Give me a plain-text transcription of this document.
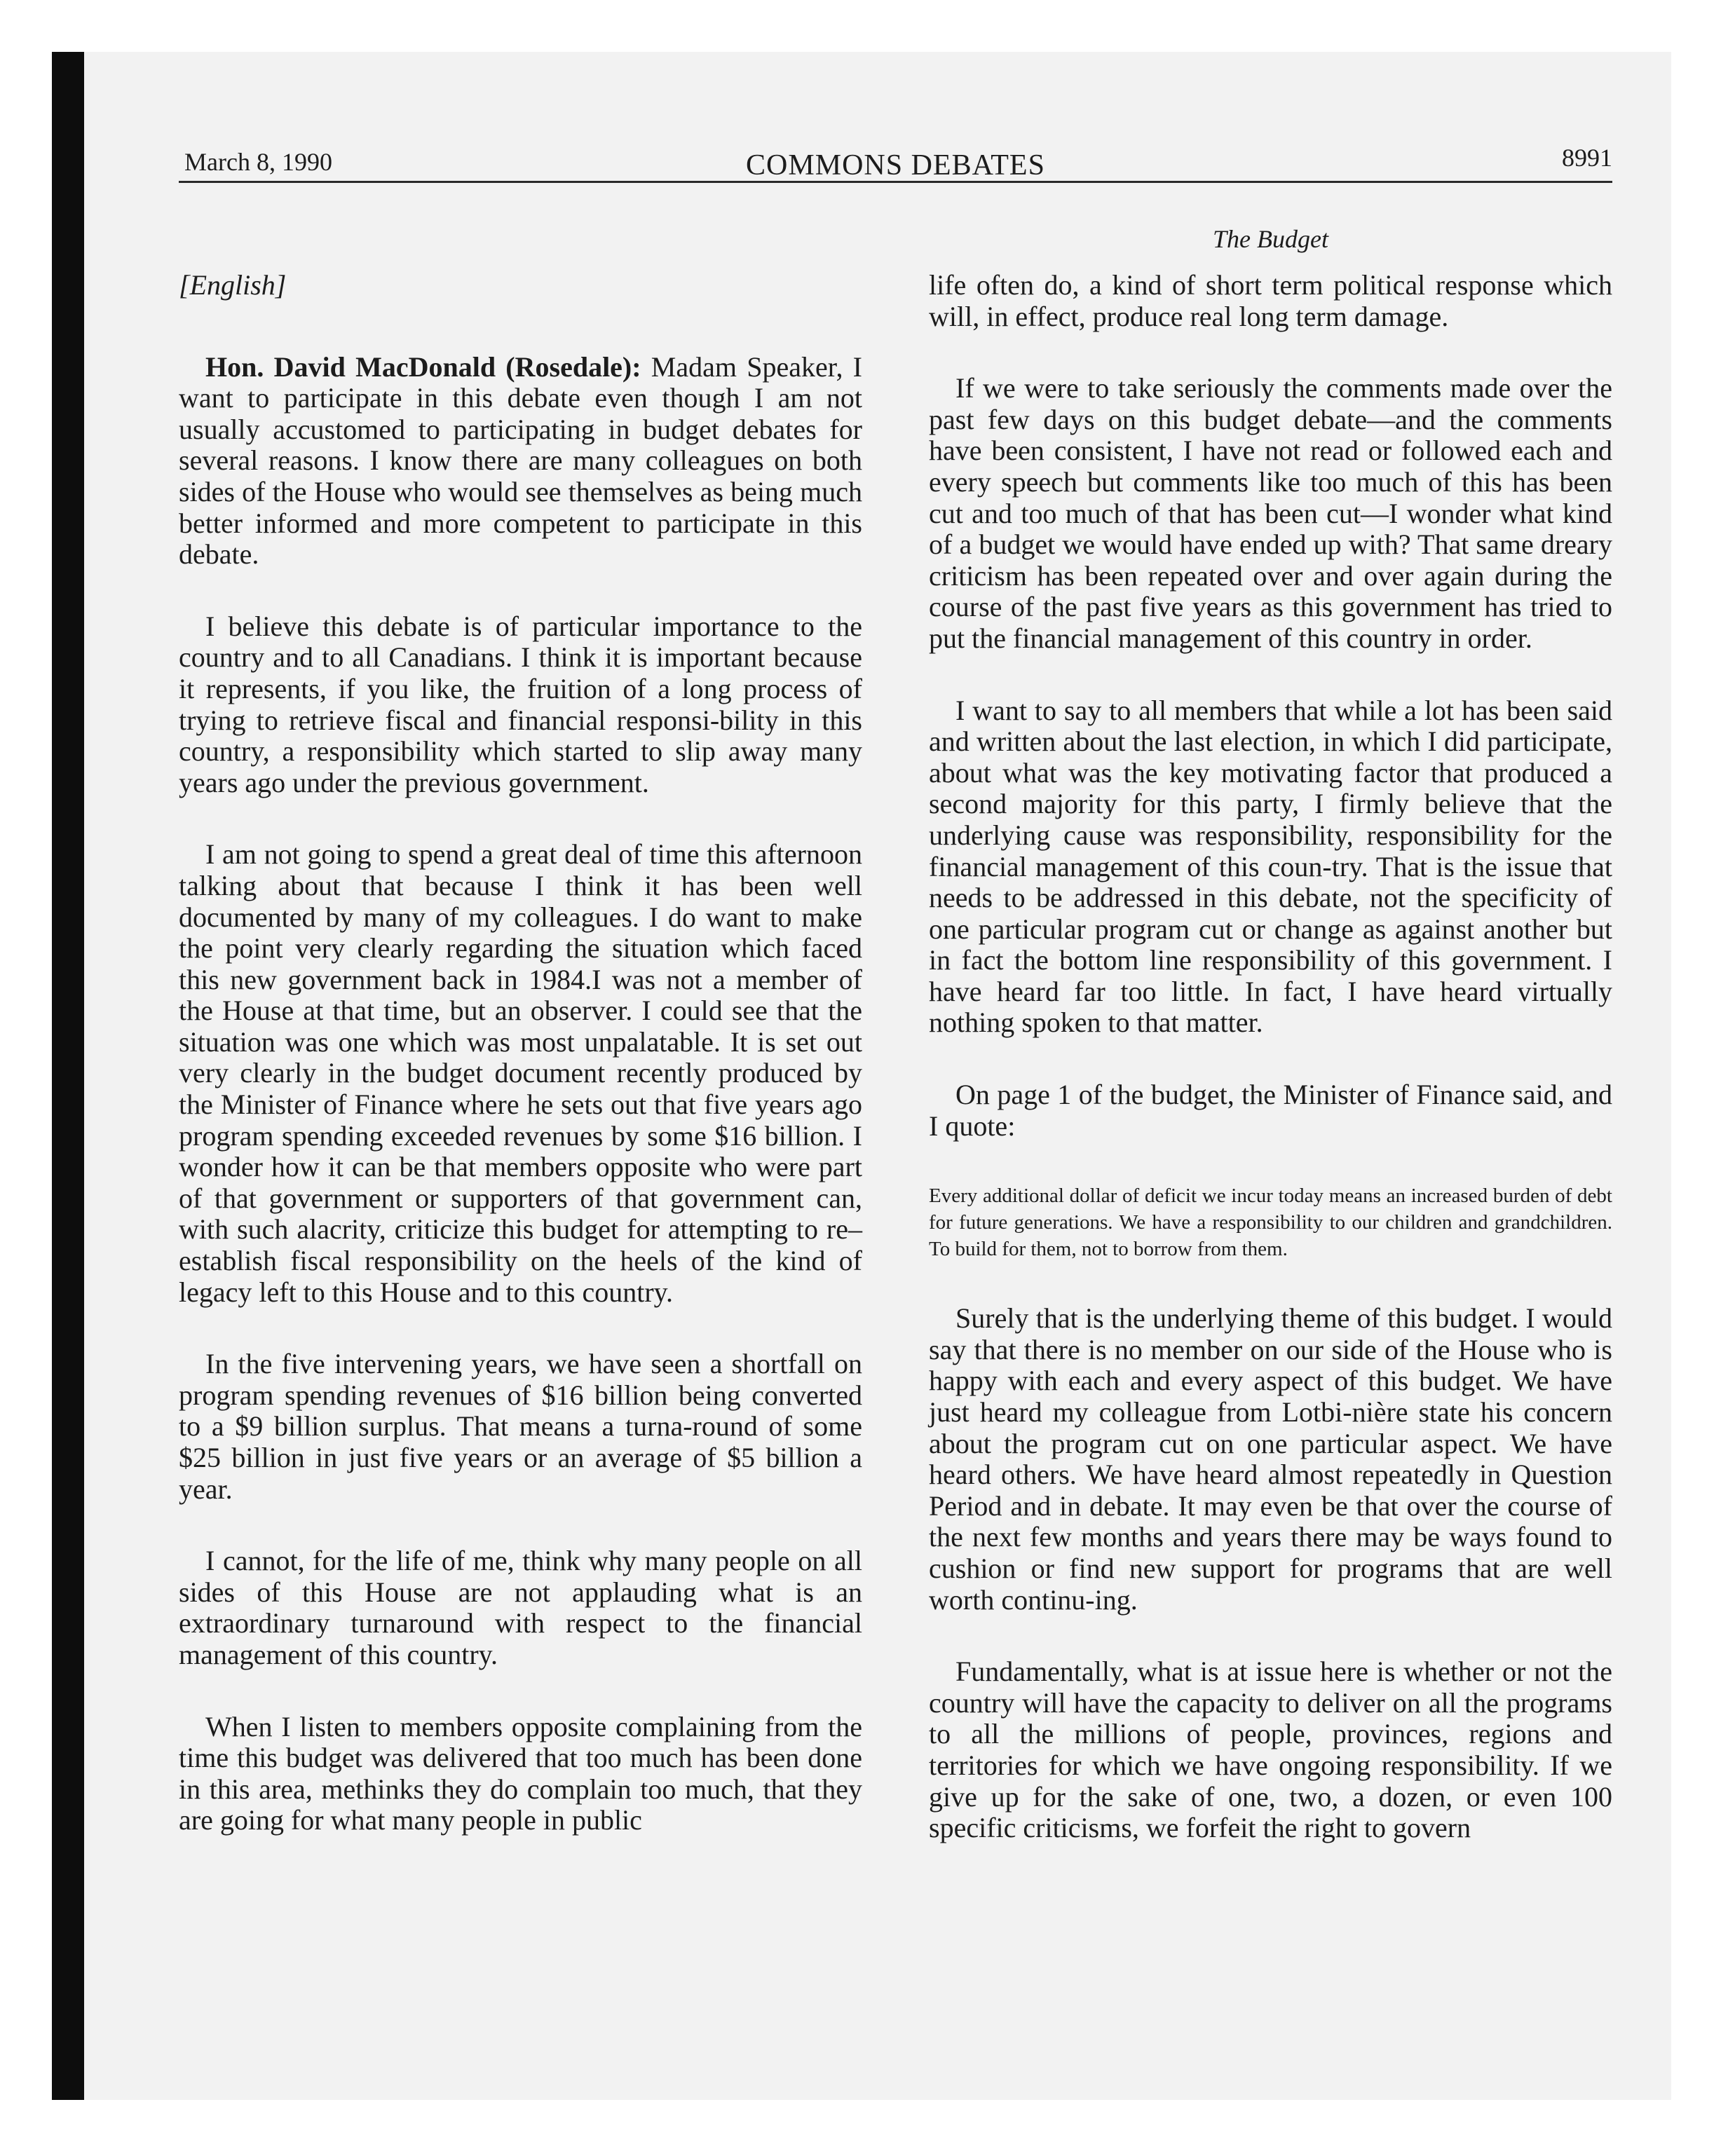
March 8, 1990	COMMONS DEBATES	8991
The Budget

[English]

Hon. David MacDonald (Rosedale): Madam Speaker, I want to participate in this debate even though I am not usually accustomed to participating in budget debates for several reasons. I know there are many colleagues on both sides of the House who would see themselves as being much better informed and more competent to participate in this debate.

I believe this debate is of particular importance to the country and to all Canadians. I think it is important because it represents, if you like, the fruition of a long process of trying to retrieve fiscal and financial responsi-bility in this country, a responsibility which started to slip away many years ago under the previous government.

I am not going to spend a great deal of time this afternoon talking about that because I think it has been well documented by many of my colleagues. I do want to make the point very clearly regarding the situation which faced this new government back in 1984.I was not a member of the House at that time, but an observer. I could see that the situation was one which was most unpalatable. It is set out very clearly in the budget document recently produced by the Minister of Finance where he sets out that five years ago program spending exceeded revenues by some $16 billion. I wonder how it can be that members opposite who were part of that government or supporters of that government can, with such alacrity, criticize this budget for attempting to re–establish fiscal responsibility on the heels of the kind of legacy left to this House and to this country.

In the five intervening years, we have seen a shortfall on program spending revenues of $16 billion being converted to a $9 billion surplus. That means a turna-round of some $25 billion in just five years or an average of $5 billion a year.

I cannot, for the life of me, think why many people on all sides of this House are not applauding what is an extraordinary turnaround with respect to the financial management of this country.

When I listen to members opposite complaining from the time this budget was delivered that too much has been done in this area, methinks they do complain too much, that they are going for what many people in public

life often do, a kind of short term political response which will, in effect, produce real long term damage.

If we were to take seriously the comments made over the past few days on this budget debate—and the comments have been consistent, I have not read or followed each and every speech but comments like too much of this has been cut and too much of that has been cut—I wonder what kind of a budget we would have ended up with? That same dreary criticism has been repeated over and over again during the course of the past five years as this government has tried to put the financial management of this country in order.

I want to say to all members that while a lot has been said and written about the last election, in which I did participate, about what was the key motivating factor that produced a second majority for this party, I firmly believe that the underlying cause was responsibility, responsibility for the financial management of this coun-try. That is the issue that needs to be addressed in this debate, not the specificity of one particular program cut or change as against another but in fact the bottom line responsibility of this government. I have heard far too little. In fact, I have heard virtually nothing spoken to that matter.

On page 1 of the budget, the Minister of Finance said, and I quote:

Every additional dollar of deficit we incur today means an increased burden of debt for future generations. We have a responsibility to our children and grandchildren. To build for them, not to borrow from them.

Surely that is the underlying theme of this budget. I would say that there is no member on our side of the House who is happy with each and every aspect of this budget. We have just heard my colleague from Lotbi-nière state his concern about the program cut on one particular aspect. We have heard others. We have heard almost repeatedly in Question Period and in debate. It may even be that over the course of the next few months and years there may be ways found to cushion or find new support for programs that are well worth continu-ing.

Fundamentally, what is at issue here is whether or not the country will have the capacity to deliver on all the programs to all the millions of people, provinces, regions and territories for which we have ongoing responsibility. If we give up for the sake of one, two, a dozen, or even 100 specific criticisms, we forfeit the right to govern
